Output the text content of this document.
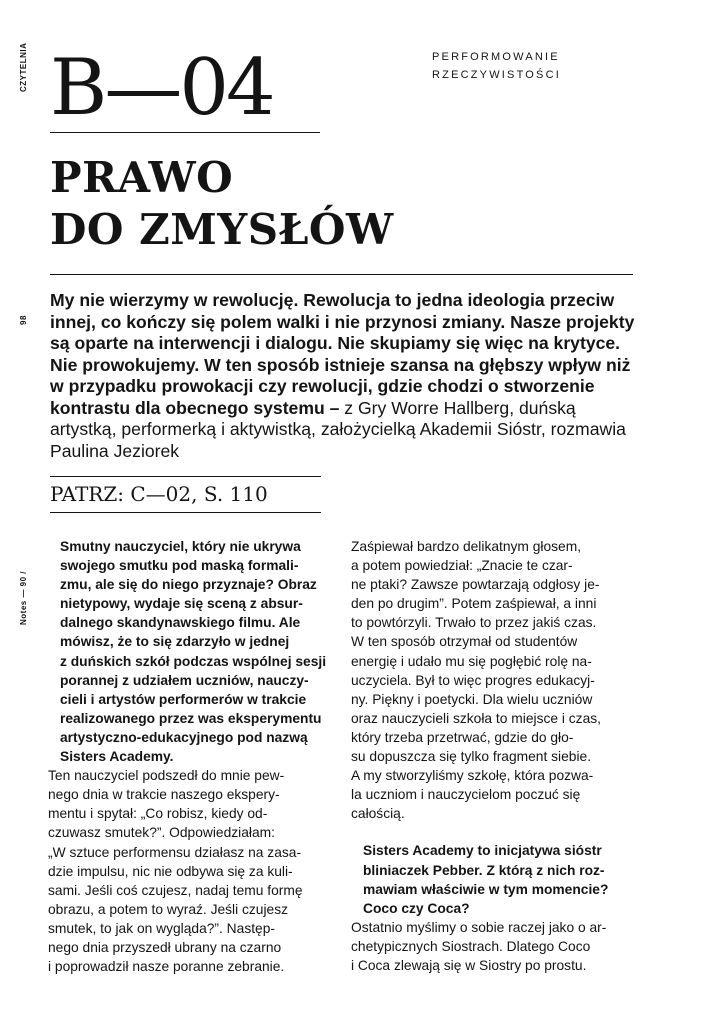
CZYTELNIA
98
Notes — 90 /
B—04	PERFORMOWANIE
RZECZYWISTOŚCI
PRAWO
DO ZMYSŁÓW

My nie wierzymy w rewolucję. Rewolucja to jedna ideologia przeciw innej, co kończy się polem walki i nie przynosi zmiany. Nasze projekty są oparte na interwencji i dialogu. Nie skupiamy się więc na krytyce. Nie prowokujemy. W ten sposób istnieje szansa na głębszy wpływ niż w przypadku prowokacji czy rewolucji, gdzie chodzi o stworzenie kontrastu dla obecnego systemu – z Gry Worre Hallberg, duńską artystką, performerką i aktywistką, założycielką Akademii Sióstr, rozmawia Paulina Jeziorek

PATRZ: C—02, S. 110

Smutny nauczyciel, który nie ukrywa
swojego smutku pod maską formali-
zmu, ale się do niego przyznaje? Obraz
nietypowy, wydaje się sceną z absur-
dalnego skandynawskiego filmu. Ale
mówisz, że to się zdarzyło w jednej
z duńskich szkół podczas wspólnej sesji
porannej z udziałem uczniów, nauczy-
cieli i artystów performerów w trakcie
realizowanego przez was eksperymentu
artystyczno-edukacyjnego pod nazwą
Sisters Academy.

Ten nauczyciel podszedł do mnie pew-
nego dnia w trakcie naszego ekspery-
mentu i spytał: „Co robisz, kiedy od-
czuwasz smutek?”. Odpowiedziałam:
„W sztuce performensu działasz na zasa-
dzie impulsu, nic nie odbywa się za kuli-
sami. Jeśli coś czujesz, nadaj temu formę
obrazu, a potem to wyraź. Jeśli czujesz
smutek, to jak on wygląda?”. Następ-
nego dnia przyszedł ubrany na czarno
i poprowadził nasze poranne zebranie.

Zaśpiewał bardzo delikatnym głosem,
a potem powiedział: „Znacie te czar-
ne ptaki? Zawsze powtarzają odgłosy je-
den po drugim”. Potem zaśpiewał, a inni
to powtórzyli. Trwało to przez jakiś czas.
W ten sposób otrzymał od studentów
energię i udało mu się pogłębić rolę na-
uczyciela. Był to więc progres edukacyj-
ny. Piękny i poetycki. Dla wielu uczniów
oraz nauczycieli szkoła to miejsce i czas,
który trzeba przetrwać, gdzie do gło-
su dopuszcza się tylko fragment siebie.
A my stworzyliśmy szkołę, która pozwa-
la uczniom i nauczycielom poczuć się
całością.

Sisters Academy to inicjatywa sióstr
bliniaczek Pebber. Z którą z nich roz-
mawiam właściwie w tym momencie?
Coco czy Coca?

Ostatnio myślimy o sobie raczej jako o ar-
chetypicznych Siostrach. Dlatego Coco
i Coca zlewają się w Siostry po prostu.
